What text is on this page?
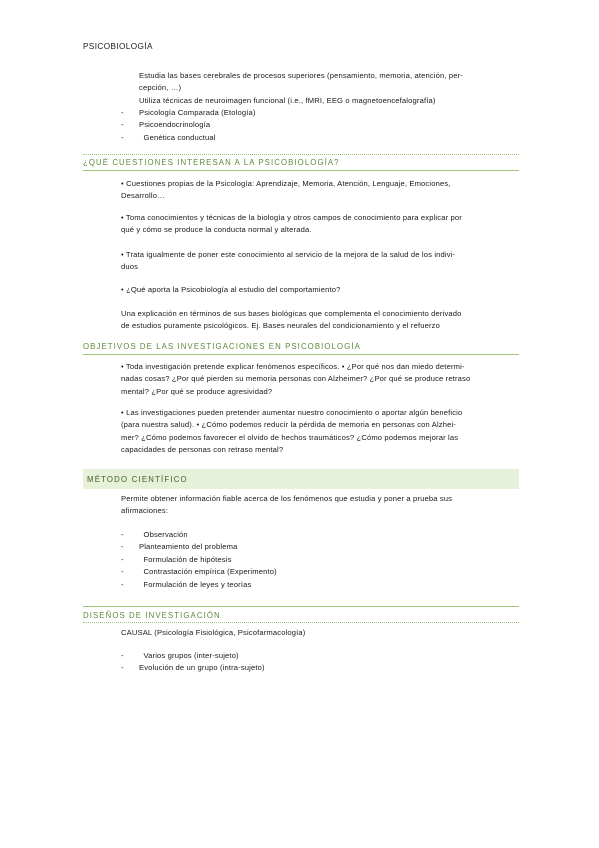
PSICOBIOLOGÍA
Estudia las bases cerebrales de procesos superiores (pensamiento, memoria, atención, per-
cepción, …)
Utiliza técnicas de neuroimagen funcional (i.e., fMRI, EEG o magnetoencefalografía)
- Psicología Comparada (Etología)
- Psicoendocrinología
- Genética conductual
¿QUÉ CUESTIONES INTERESAN A LA PSICOBIOLOGÍA?
• Cuestiones propias de la Psicología: Aprendizaje, Memoria, Atención, Lenguaje, Emociones,
Desarrollo…
• Toma conocimientos y técnicas de la biología y otros campos de conocimiento para explicar por
qué y cómo se produce la conducta normal y alterada.
• Trata igualmente de poner este conocimiento al servicio de la mejora de la salud de los indivi-
duos
• ¿Qué aporta la Psicobiología al estudio del comportamiento?
Una explicación en términos de sus bases biológicas que complementa el conocimiento derivado
de estudios puramente psicológicos. Ej. Bases neurales del condicionamiento y el refuerzo
OBJETIVOS DE LAS INVESTIGACIONES EN PSICOBIOLOGÍA
• Toda investigación pretende explicar fenómenos específicos. • ¿Por qué nos dan miedo determi-
nadas cosas? ¿Por qué pierden su memoria personas con Alzheimer? ¿Por qué se produce retraso
mental? ¿Por qué se produce agresividad?
• Las investigaciones pueden pretender aumentar nuestro conocimiento o aportar algún beneficio
(para nuestra salud). • ¿Cómo podemos reducir la pérdida de memoria en personas con Alzhei-
mer? ¿Cómo podemos favorecer el olvido de hechos traumáticos? ¿Cómo podemos mejorar las
capacidades de personas con retraso mental?
MÉTODO CIENTÍFICO
Permite obtener información fiable acerca de los fenómenos que estudia y poner a prueba sus
afirmaciones:
- Observación
- Planteamiento del problema
- Formulación de hipótesis
- Contrastación empírica (Experimento)
- Formulación de leyes y teorías
DISEÑOS DE INVESTIGACIÓN
CAUSAL (Psicología Fisiológica, Psicofarmacología)
- Varios grupos (inter-sujeto)
- Evolución de un grupo (intra-sujeto)
